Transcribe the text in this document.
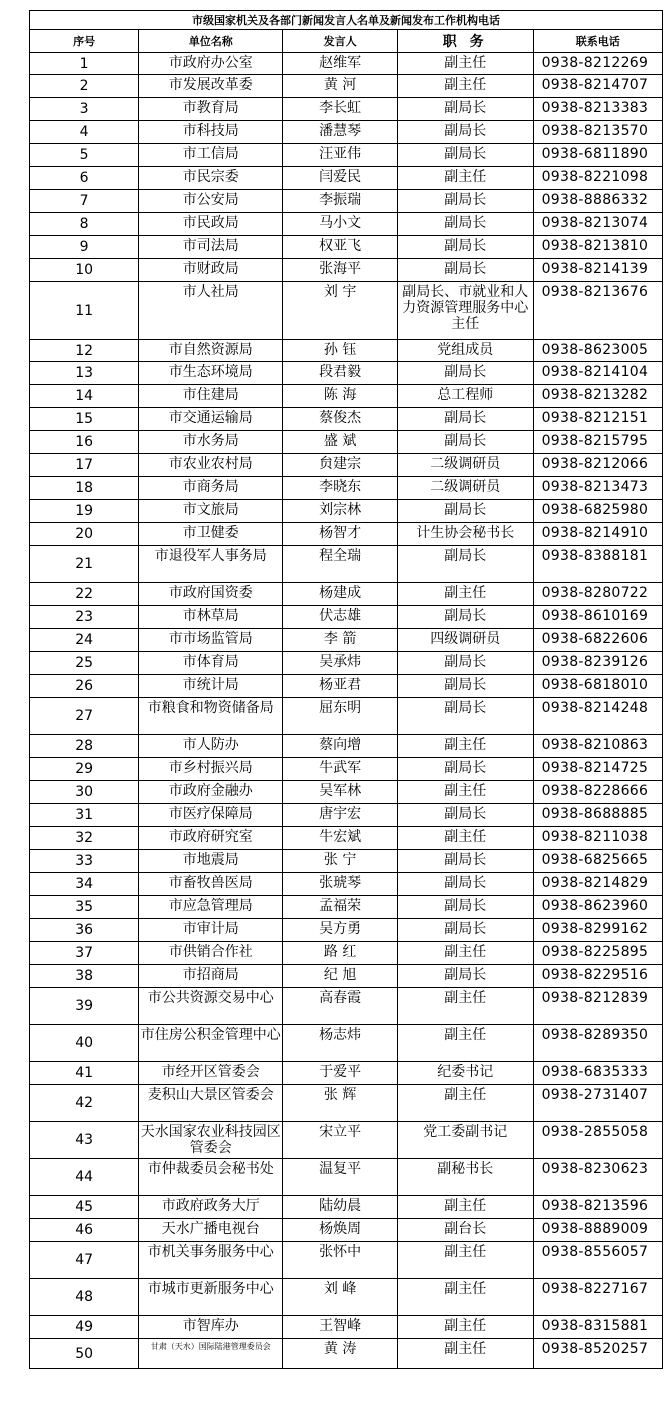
市级国家机关及各部门新闻发言人名单及新闻发布工作机构电话				
序号	单位名称	发言人	职 务	联系电话
1	市政府办公室	赵维军	副主任	0938-8212269
2	市发展改革委	黄 河	副主任	0938-8214707
3	市教育局	李长虹	副局长	0938-8213383
4	市科技局	潘慧琴	副局长	0938-8213570
5	市工信局	汪亚伟	副局长	0938-6811890
6	市民宗委	闫爱民	副主任	0938-8221098
7	市公安局	李振瑞	副局长	0938-8886332
8	市民政局	马小文	副局长	0938-8213074
9	市司法局	权亚飞	副局长	0938-8213810
10	市财政局	张海平	副局长	0938-8214139
11	市人社局	刘 宇	副局长、市就业和人力资源管理服务中心主任	0938-8213676
12	市自然资源局	孙 钰	党组成员	0938-8623005
13	市生态环境局	段君毅	副局长	0938-8214104
14	市住建局	陈 海	总工程师	0938-8213282
15	市交通运输局	蔡俊杰	副局长	0938-8212151
16	市水务局	盛 斌	副局长	0938-8215795
17	市农业农村局	贠建宗	二级调研员	0938-8212066
18	市商务局	李晓东	二级调研员	0938-8213473
19	市文旅局	刘宗林	副局长	0938-6825980
20	市卫健委	杨智才	计生协会秘书长	0938-8214910
21	市退役军人事务局	程全瑞	副局长	0938-8388181
22	市政府国资委	杨建成	副主任	0938-8280722
23	市林草局	伏志雄	副局长	0938-8610169
24	市市场监管局	李 箭	四级调研员	0938-6822606
25	市体育局	吴承炜	副局长	0938-8239126
26	市统计局	杨亚君	副局长	0938-6818010
27	市粮食和物资储备局	屈东明	副局长	0938-8214248
28	市人防办	蔡向增	副主任	0938-8210863
29	市乡村振兴局	牛武军	副局长	0938-8214725
30	市政府金融办	吴军林	副主任	0938-8228666
31	市医疗保障局	唐宇宏	副局长	0938-8688885
32	市政府研究室	牛宏斌	副主任	0938-8211038
33	市地震局	张 宁	副局长	0938-6825665
34	市畜牧兽医局	张琥琴	副局长	0938-8214829
35	市应急管理局	孟福荣	副局长	0938-8623960
36	市审计局	吴方勇	副局长	0938-8299162
37	市供销合作社	路 红	副主任	0938-8225895
38	市招商局	纪 旭	副局长	0938-8229516
39	市公共资源交易中心	高春霞	副主任	0938-8212839
40	市住房公积金管理中心	杨志炜	副主任	0938-8289350
41	市经开区管委会	于爱平	纪委书记	0938-6835333
42	麦积山大景区管委会	张 辉	副主任	0938-2731407
43	天水国家农业科技园区管委会	宋立平	党工委副书记	0938-2855058
44	市仲裁委员会秘书处	温复平	副秘书长	0938-8230623
45	市政府政务大厅	陆幼晨	副主任	0938-8213596
46	天水广播电视台	杨焕周	副台长	0938-8889009
47	市机关事务服务中心	张怀中	副主任	0938-8556057
48	市城市更新服务中心	刘 峰	副主任	0938-8227167
49	市智库办	王智峰	副主任	0938-8315881
50	甘肃（天水）国际陆港管理委员会	黄 涛	副主任	0938-8520257
